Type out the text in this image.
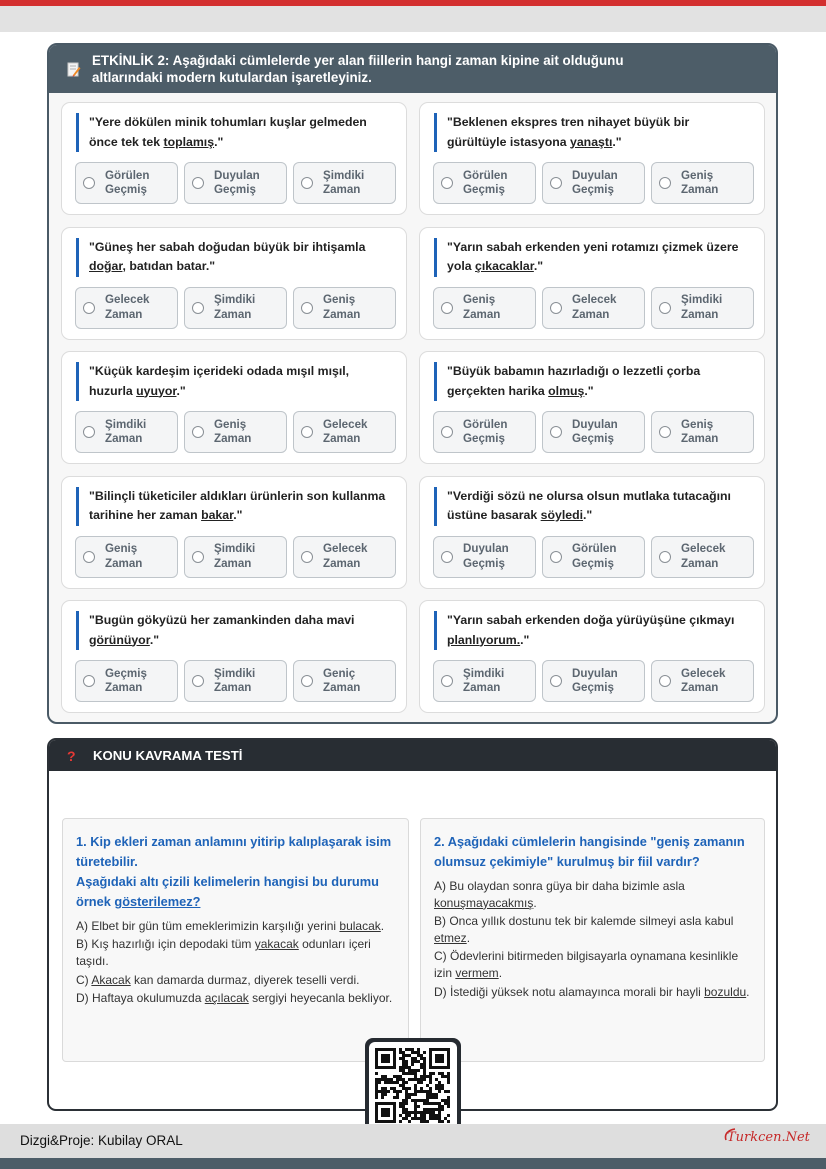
ETKİNLİK 2: Aşağıdaki cümlelerde yer alan fiillerin hangi zaman kipine ait olduğunu
altlarındaki modern kutulardan işaretleyiniz.
"Yere dökülen minik tohumları kuşlar gelmeden önce tek tek toplamış."
Görülen
Geçmiş
Duyulan
Geçmiş
Şimdiki
Zaman
"Beklenen ekspres tren nihayet büyük bir gürültüyle istasyona yanaştı."
Görülen
Geçmiş
Duyulan
Geçmiş
Geniş
Zaman
"Güneş her sabah doğudan büyük bir ihtişamla doğar, batıdan batar."
Gelecek
Zaman
Şimdiki
Zaman
Geniş
Zaman
"Yarın sabah erkenden yeni rotamızı çizmek üzere yola çıkacaklar."
Geniş
Zaman
Gelecek
Zaman
Şimdiki
Zaman
"Küçük kardeşim içerideki odada mışıl mışıl, huzurla uyuyor."
Şimdiki
Zaman
Geniş
Zaman
Gelecek
Zaman
"Büyük babamın hazırladığı o lezzetli çorba gerçekten harika olmuş."
Görülen
Geçmiş
Duyulan
Geçmiş
Geniş
Zaman
"Bilinçli tüketiciler aldıkları ürünlerin son kullanma tarihine her zaman bakar."
Geniş
Zaman
Şimdiki
Zaman
Gelecek
Zaman
"Verdiği sözü ne olursa olsun mutlaka tutacağını üstüne basarak söyledi."
Duyulan
Geçmiş
Görülen
Geçmiş
Gelecek
Zaman
"Bugün gökyüzü her zamankinden daha mavi görünüyor."
Geçmiş
Zaman
Şimdiki
Zaman
Geniç
Zaman
"Yarın sabah erkenden doğa yürüyüşüne çıkmayı planlıyorum.."
Şimdiki
Zaman
Duyulan
Geçmiş
Gelecek
Zaman
? KONU KAVRAMA TESTİ
1. Kip ekleri zaman anlamını yitirip kalıplaşarak isim türetebilir.
Aşağıdaki altı çizili kelimelerin hangisi bu durumu örnek gösterilemez?

A) Elbet bir gün tüm emeklerimizin karşılığı yerini bulacak.

B) Kış hazırlığı için depodaki tüm yakacak odunları içeri taşıdı.

C) Akacak kan damarda durmaz, diyerek teselli verdi.

D) Haftaya okulumuzda açılacak sergiyi heyecanla bekliyor.

2. Aşağıdaki cümlelerin hangisinde "geniş zamanın olumsuz çekimiyle" kurulmuş bir fiil vardır?

A) Bu olaydan sonra güya bir daha bizimle asla konuşmayacakmış.

B) Onca yıllık dostunu tek bir kalemde silmeyi asla kabul etmez.

C) Ödevlerini bitirmeden bilgisayarla oynamana kesinlikle izin vermem.

D) İstediği yüksek notu alamayınca morali bir hayli bozuldu.

Dizgi&Proje: Kubilay ORAL	Turkcen.Net
